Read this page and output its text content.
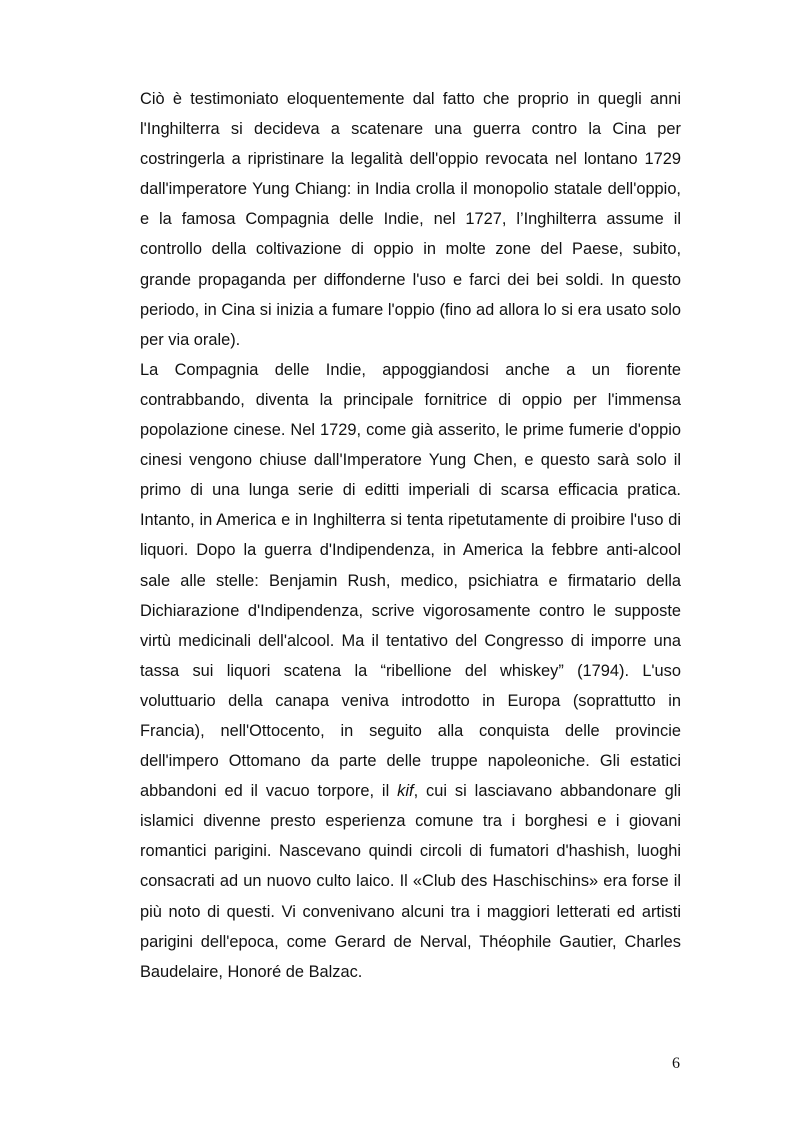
Ciò è testimoniato eloquentemente dal fatto che proprio in quegli anni l'Inghilterra si decideva a scatenare una guerra contro la Cina per costringerla a ripristinare la legalità dell'oppio revocata nel lontano 1729 dall'imperatore Yung Chiang: in India crolla il monopolio statale dell'oppio, e la famosa Compagnia delle Indie, nel 1727, l’Inghilterra assume il controllo della coltivazione di oppio in molte zone del Paese, subito, grande propaganda per diffonderne l'uso e farci dei bei soldi. In questo periodo, in Cina si inizia a fumare l'oppio (fino ad allora lo si era usato solo per via orale).

La Compagnia delle Indie, appoggiandosi anche a un fiorente contrabbando, diventa la principale fornitrice di oppio per l'immensa popolazione cinese. Nel 1729, come già asserito, le prime fumerie d'oppio cinesi vengono chiuse dall'Imperatore Yung Chen, e questo sarà solo il primo di una lunga serie di editti imperiali di scarsa efficacia pratica. Intanto, in America e in Inghilterra si tenta ripetutamente di proibire l'uso di liquori. Dopo la guerra d'Indipendenza, in America la febbre anti-alcool sale alle stelle: Benjamin Rush, medico, psichiatra e firmatario della Dichiarazione d'Indipendenza, scrive vigorosamente contro le supposte virtù medicinali dell'alcool. Ma il tentativo del Congresso di imporre una tassa sui liquori scatena la “ribellione del whiskey” (1794). L'uso voluttuario della canapa veniva introdotto in Europa (soprattutto in Francia), nell'Ottocento, in seguito alla conquista delle provincie dell'impero Ottomano da parte delle truppe napoleoniche. Gli estatici abbandoni ed il vacuo torpore, il kif, cui si lasciavano abbandonare gli islamici divenne presto esperienza comune tra i borghesi e i giovani romantici parigini. Nascevano quindi circoli di fumatori d'hashish, luoghi consacrati ad un nuovo culto laico. Il «Club des Haschischins» era forse il più noto di questi. Vi convenivano alcuni tra i maggiori letterati ed artisti parigini dell'epoca, come Gerard de Nerval, Théophile Gautier, Charles Baudelaire, Honoré de Balzac.

6
